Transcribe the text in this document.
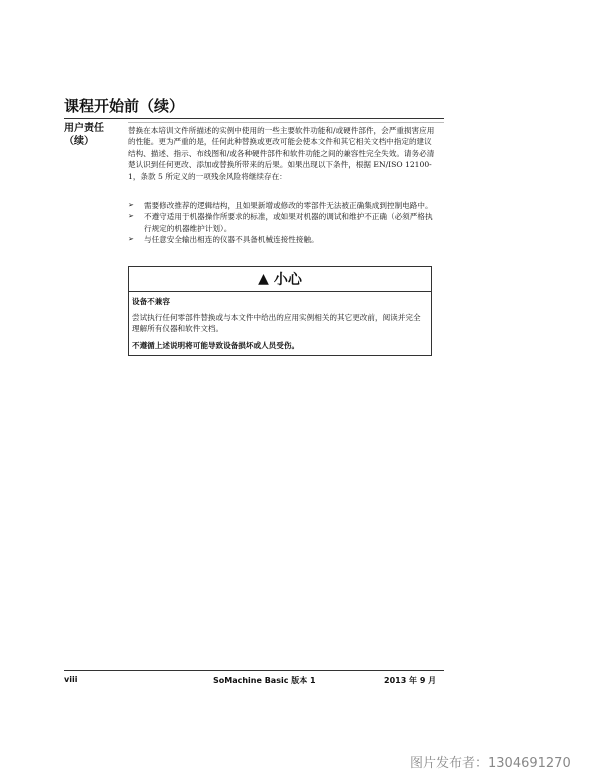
课程开始前（续）
用户责任
（续）

替换在本培训文件所描述的实例中使用的一些主要软件功能和/或硬件部件，会严重损害应用的性能。更为严重的是，任何此种替换或更改可能会使本文件和其它相关文档中指定的建议结构、描述、指示、布线图和/或各种硬件部件和软件功能之间的兼容性完全失效。请务必清楚认识到任何更改、添加或替换所带来的后果。如果出现以下条件，根据 EN/ISO 12100-1，条款 5 所定义的一项残余风险将继续存在：

➢ 需要修改推荐的逻辑结构，且如果新增或修改的零部件无法被正确集成到控制电路中。
➢ 不遵守适用于机器操作所要求的标准，或如果对机器的调试和维护不正确（必须严格执行规定的机器维护计划）。
➢ 与任意安全输出相连的仪器不具备机械连接性接触。
▲ 小心

设备不兼容

尝试执行任何零部件替换或与本文件中给出的应用实例相关的其它更改前，阅读并完全理解所有仪器和软件文档。

不遵循上述说明将可能导致设备损坏或人员受伤。

viii	SoMachine Basic 版本 1	2013 年 9 月
图片发布者：1304691270
